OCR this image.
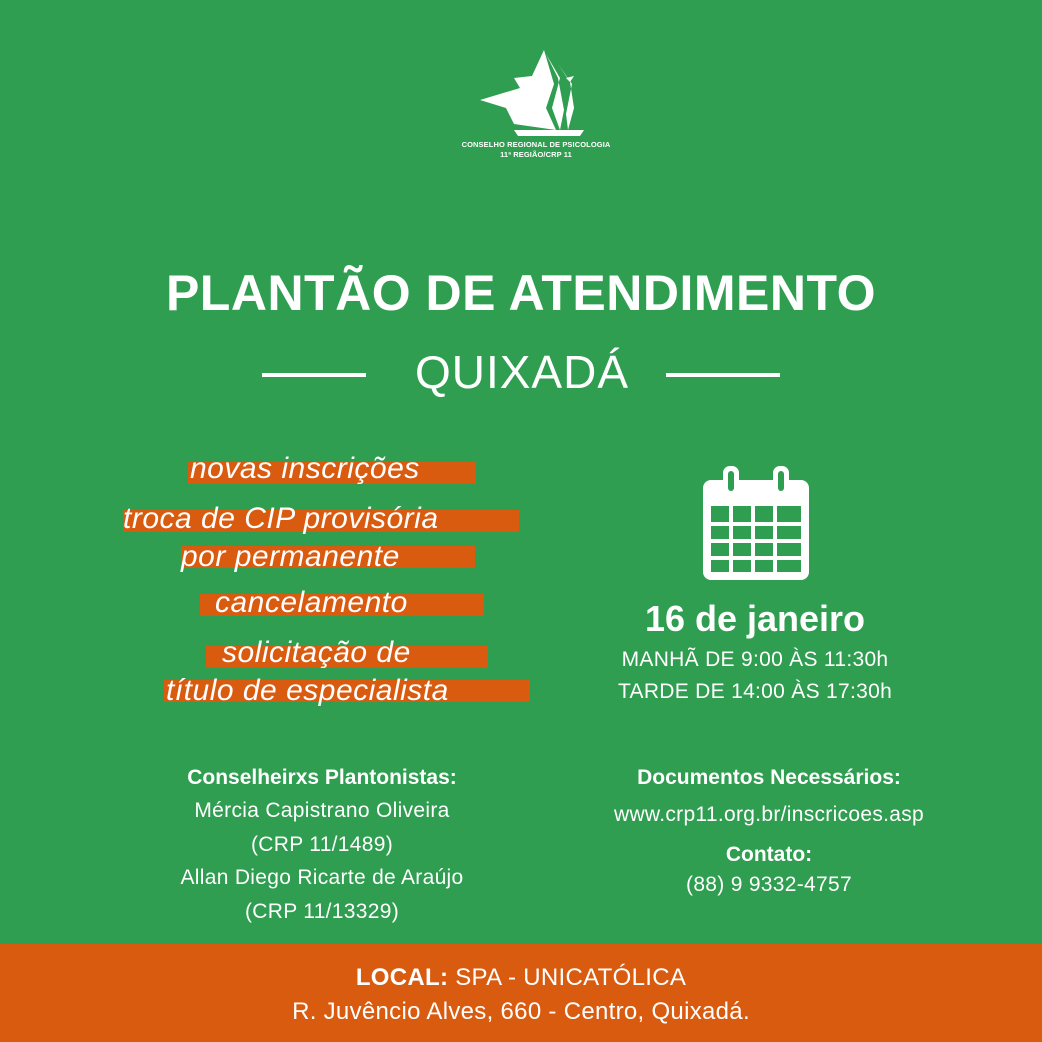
CONSELHO REGIONAL DE PSICOLOGIA
11ª REGIÃO/CRP 11
PLANTÃO DE ATENDIMENTO
QUIXADÁ
novas inscrições
troca de CIP provisória
por permanente
cancelamento
solicitação de
título de especialista
16 de janeiro
MANHÃ DE 9:00 ÀS 11:30h
TARDE DE 14:00 ÀS 17:30h
Conselheirxs Plantonistas:
Mércia Capistrano Oliveira
(CRP 11/1489)
Allan Diego Ricarte de Araújo
(CRP 11/13329)
Documentos Necessários:
www.crp11.org.br/inscricoes.asp
Contato:
(88) 9 9332-4757
LOCAL: SPA - UNICATÓLICA
R. Juvêncio Alves, 660 - Centro, Quixadá.
